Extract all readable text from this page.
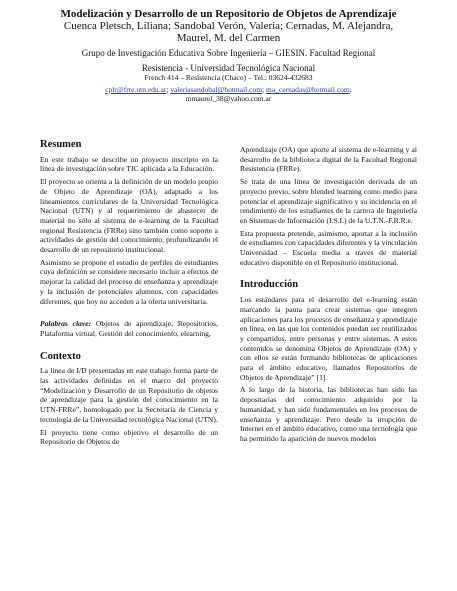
Modelización y Desarrollo de un Repositorio de Objetos de Aprendizaje
Cuenca Pletsch, Liliana; Sandobal Verón, Valeria; Cernadas, M. Alejandra,
Maurel, M. del Carmen
Grupo de Investigación Educativa Sobre Ingeniería – GIESIN. Facultad Regional
Resistencia - Universidad Tecnológica Nacional
French 414 – Resistencia (Chaco) – Tel.: 03624-432683
cplr@frre.utn.edu.ar; valeriasandobal@hotmail.com; ma_cernadas@hotmail.com;
mmaurel_38@yahoo.com.ar
Resumen

En este trabajo se describe un proyecto inscripto en la línea de investigación sobre TIC aplicada a la Educación.

El proyecto se orienta a la definición de un modelo propio de Objeto de Aprendizaje (OA), adaptado a los lineamientos curriculares de la Universidad Tecnológica Nacional (UTN) y al requerimiento de abastecer de material no sólo al sistema de e-learning de la Facultad regional Resistencia (FRRe) sino también como soporte a actividades de gestión del conocimiento, profundizando el desarrollo de un repositorio institucional.

Asimismo se propone el estudio de perfiles de estudiantes cuya definición se considere necesario incluir a efectos de mejorar la calidad del proceso de enseñanza y aprendizaje y la inclusión de potenciales alumnos, con capacidades diferentes, que hoy no acceden a la oferta universitaria.

Palabras clave: Objetos de aprendizaje, Repositorios, Plataforma virtual, Gestión del conocimiento, elearning,

Contexto

La línea de I/D presentadas en este trabajo forma parte de las actividades definidas en el marco del proyecto “Modelización y Desarrollo de un Repositorio de objetos de aprendizaje para la gestión del conocimiento en la UTN-FRRe”, homologado por la Secretaría de Ciencia y tecnología de la Universidad tecnológica Nacional (UTN).

El proyecto tiene como objetivo el desarrollo de un Repositorio de Objetos de

Aprendizaje (OA) que aporte al sistema de e-learning y al desarrollo de la biblioteca digital de la Facultad Regional Resistencia (FRRe).

Se trata de una línea de investigación derivada de un proyecto previo, sobre blended learning como medio para potenciar el aprendizaje significativo y su incidencia en el rendimiento de los estudiantes de la carrera de Ingeniería en Sistemas de Información (I.S.I.) de la U.T.N.-F.R.R.e.

Esta propuesta pretende, asimismo, aportar a la inclusión de estudiantes con capacidades diferentes y la vinculación Universidad – Escuela media a traves de material educativo disponible en el Repositorio institucional.

Introducción

Los estándares para el desarrollo del e-learning están marcando la pauta para crear sistemas que integren aplicaciones para los procesos de enseñanza y aprendizaje en línea, en las que los contenidos puedan ser reutilizados y compartidos, entre personas y entre sistemas. A estos contenidos se denomina Objetos de Aprendizaje (OA) y con ellos se están formando bibliotecas de aplicaciones para el ámbito educativo, llamados Repositorios de Objetos de Aprendizaje” [1].

A lo largo de la historia, las bibliotecas han sido las depositarias del conocimiento adquirido por la humanidad, y han sido fundamentales en los procesos de enseñanza y aprendizaje. Pero desde la irrupción de Internet en el ámbito educativo, como una tecnología que ha permitido la aparición de nuevos modelos
